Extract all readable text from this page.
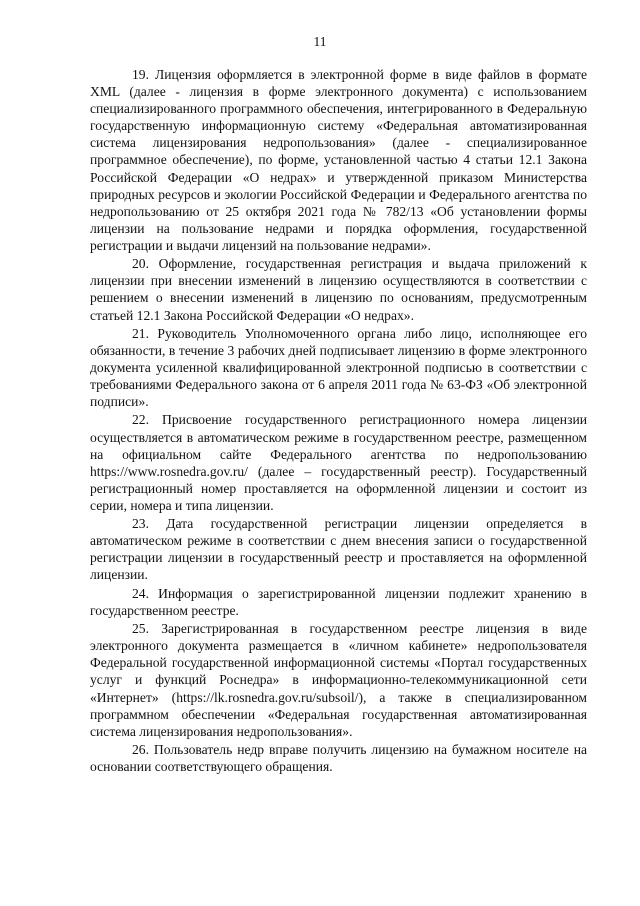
11

19. Лицензия оформляется в электронной форме в виде файлов в формате XML (далее - лицензия в форме электронного документа) с использованием специализированного программного обеспечения, интегрированного в Федеральную государственную информационную систему «Федеральная автоматизированная система лицензирования недропользования» (далее - специализированное программное обеспечение), по форме, установленной частью 4 статьи 12.1 Закона Российской Федерации «О недрах» и утвержденной приказом Министерства природных ресурсов и экологии Российской Федерации и Федерального агентства по недропользованию от 25 октября 2021 года № 782/13 «Об установлении формы лицензии на пользование недрами и порядка оформления, государственной регистрации и выдачи лицензий на пользование недрами».

20. Оформление, государственная регистрация и выдача приложений к лицензии при внесении изменений в лицензию осуществляются в соответствии с решением о внесении изменений в лицензию по основаниям, предусмотренным статьей 12.1 Закона Российской Федерации «О недрах».

21. Руководитель Уполномоченного органа либо лицо, исполняющее его обязанности, в течение 3 рабочих дней подписывает лицензию в форме электронного документа усиленной квалифицированной электронной подписью в соответствии с требованиями Федерального закона от 6 апреля 2011 года № 63-ФЗ «Об электронной подписи».

22. Присвоение государственного регистрационного номера лицензии осуществляется в автоматическом режиме в государственном реестре, размещенном на официальном сайте Федерального агентства по недропользованию https://www.rosnedra.gov.ru/ (далее – государственный реестр). Государственный регистрационный номер проставляется на оформленной лицензии и состоит из серии, номера и типа лицензии.

23. Дата государственной регистрации лицензии определяется в автоматическом режиме в соответствии с днем внесения записи о государственной регистрации лицензии в государственный реестр и проставляется на оформленной лицензии.

24. Информация о зарегистрированной лицензии подлежит хранению в государственном реестре.

25. Зарегистрированная в государственном реестре лицензия в виде электронного документа размещается в «личном кабинете» недропользователя Федеральной государственной информационной системы «Портал государственных услуг и функций Роснедра» в информационно-телекоммуникационной сети «Интернет» (https://lk.rosnedra.gov.ru/subsoil/), а также в специализированном программном обеспечении «Федеральная государственная автоматизированная система лицензирования недропользования».

26. Пользователь недр вправе получить лицензию на бумажном носителе на основании соответствующего обращения.
